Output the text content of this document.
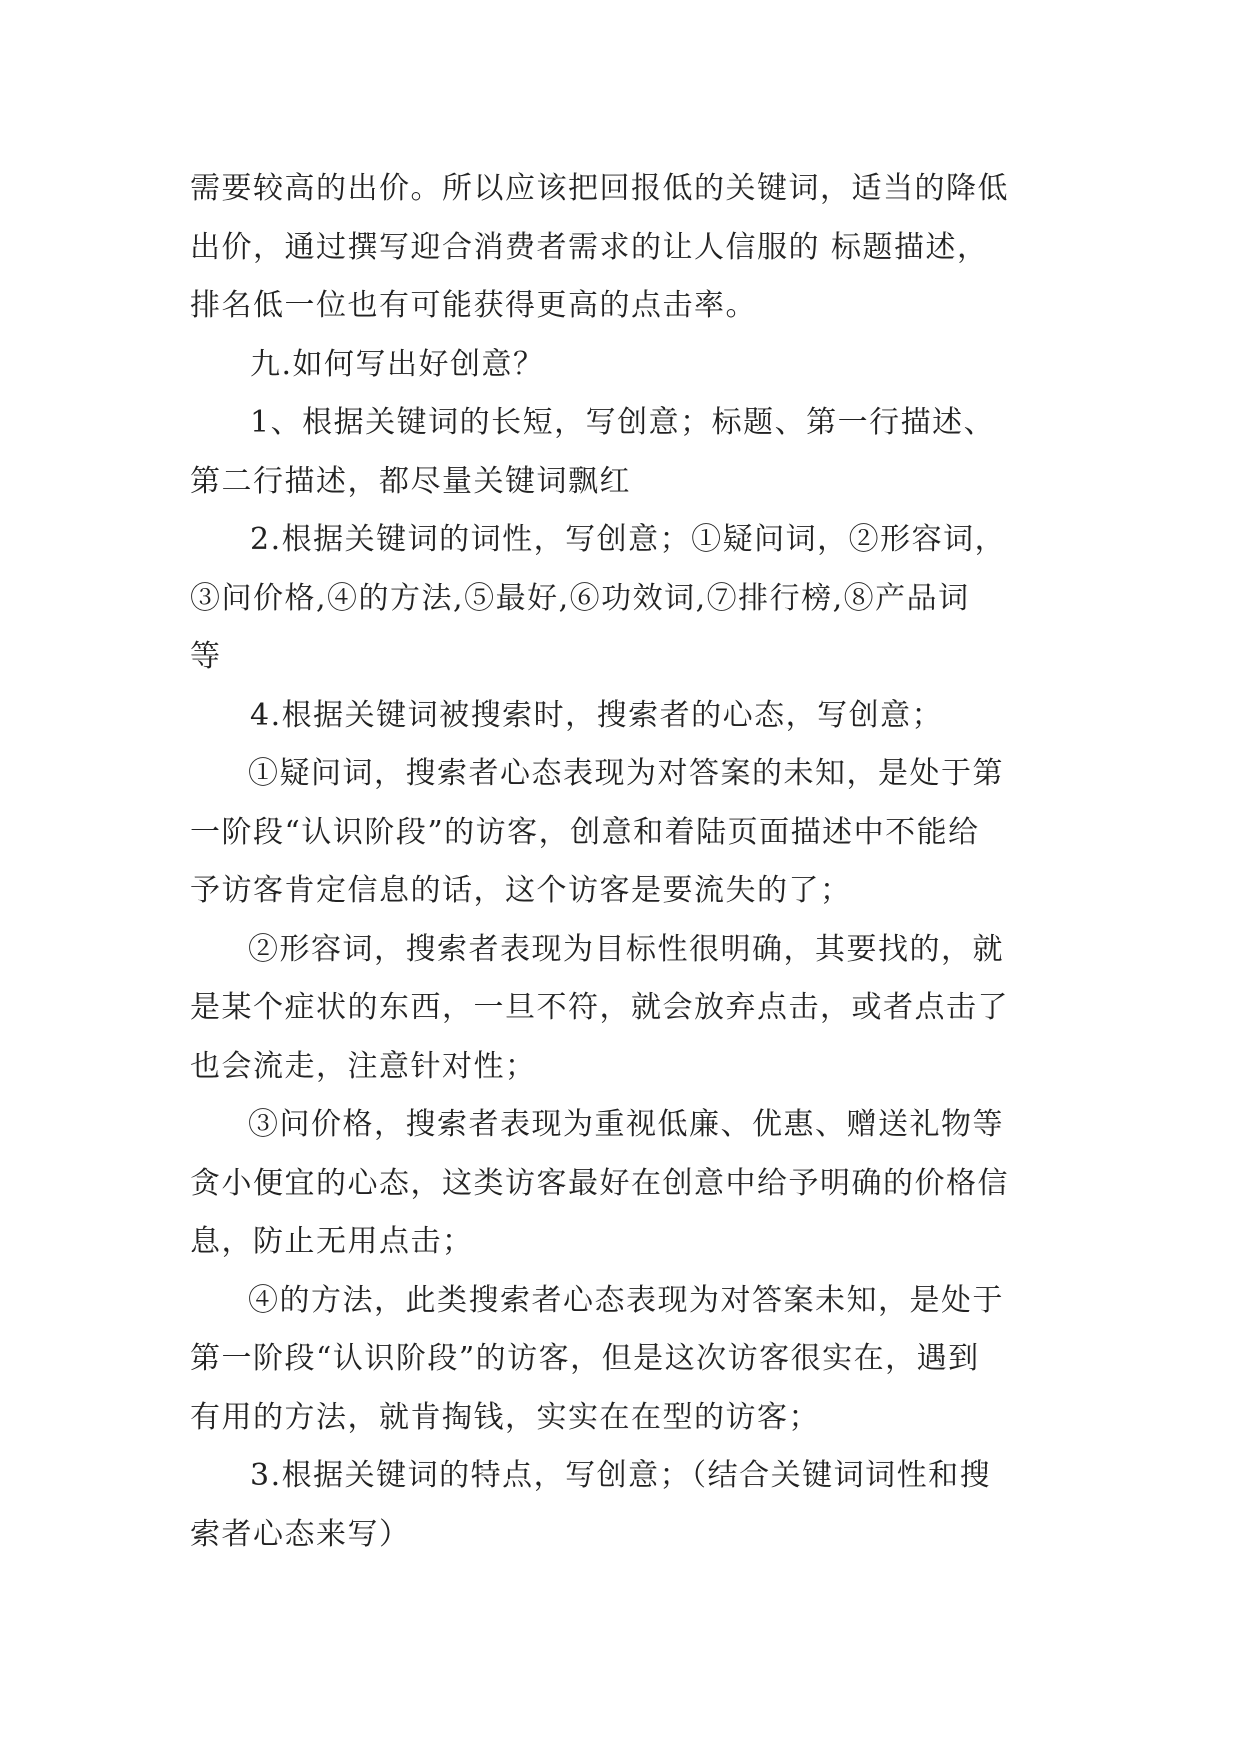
需要较高的出价。所以应该把回报低的关键词，适当的降低
出价，通过撰写迎合消费者需求的让人信服的 标题描述，
排名低一位也有可能获得更高的点击率。
九.如何写出好创意？
1、根据关键词的长短，写创意；标题、第一行描述、
第二行描述，都尽量关键词飘红
2.根据关键词的词性，写创意；①疑问词，②形容词，
③问价格,④的方法,⑤最好,⑥功效词,⑦排行榜,⑧产品词
等
4.根据关键词被搜索时，搜索者的心态，写创意；
①疑问词，搜索者心态表现为对答案的未知，是处于第
一阶段“认识阶段”的访客，创意和着陆页面描述中不能给
予访客肯定信息的话，这个访客是要流失的了；
②形容词，搜索者表现为目标性很明确，其要找的，就
是某个症状的东西，一旦不符，就会放弃点击，或者点击了
也会流走，注意针对性；
③问价格，搜索者表现为重视低廉、优惠、赠送礼物等
贪小便宜的心态，这类访客最好在创意中给予明确的价格信
息，防止无用点击；
④的方法，此类搜索者心态表现为对答案未知，是处于
第一阶段“认识阶段”的访客，但是这次访客很实在，遇到
有用的方法，就肯掏钱，实实在在型的访客；
3.根据关键词的特点，写创意；（结合关键词词性和搜
索者心态来写）
